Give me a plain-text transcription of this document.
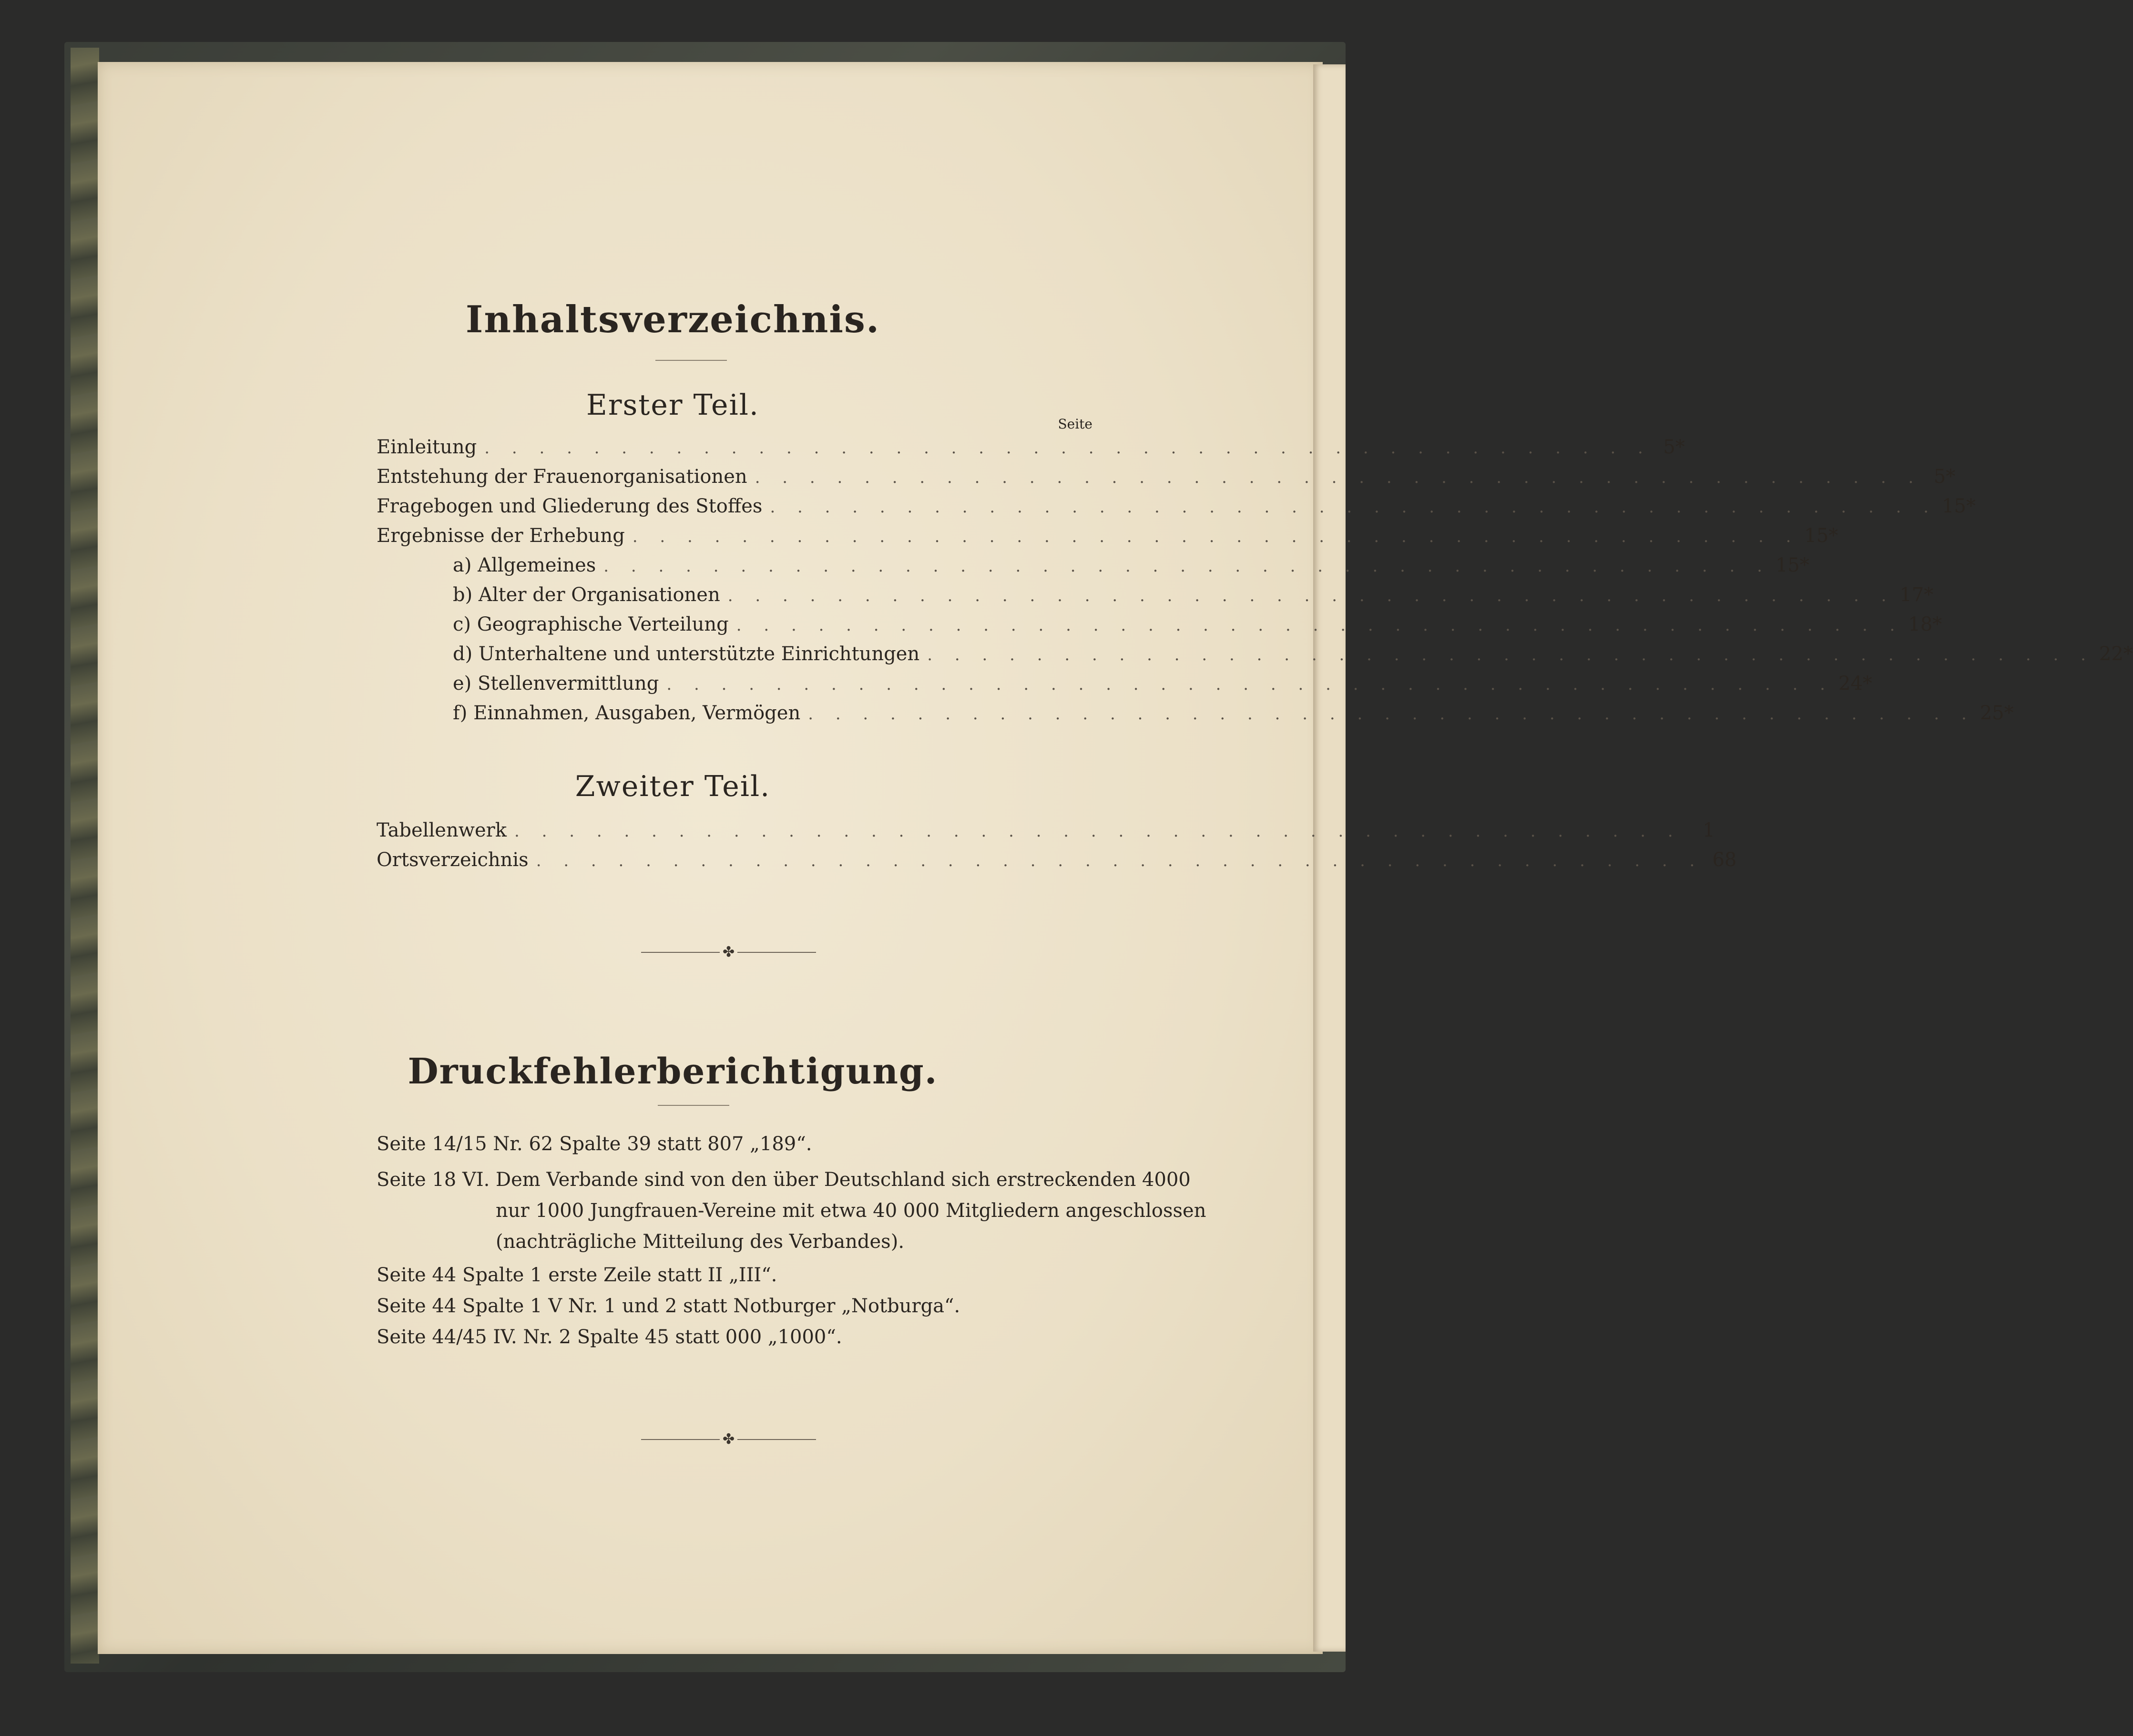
Inhaltsverzeichnis.
Erster Teil.
Seite
Einleitung . . . . . . . . . . . . . . . . . . . . . . . . . . . . . . . . . . . . . . . . . . . 5*
Entstehung der Frauenorganisationen . . . . . . . . . . . . . . . . . . . . . . . . . . . . . . . . . . . . . . . . . . . 5*
Fragebogen und Gliederung des Stoffes . . . . . . . . . . . . . . . . . . . . . . . . . . . . . . . . . . . . . . . . . . . 15*
Ergebnisse der Erhebung . . . . . . . . . . . . . . . . . . . . . . . . . . . . . . . . . . . . . . . . . . . 15*
a) Allgemeines . . . . . . . . . . . . . . . . . . . . . . . . . . . . . . . . . . . . . . . . . . . 15*
b) Alter der Organisationen . . . . . . . . . . . . . . . . . . . . . . . . . . . . . . . . . . . . . . . . . . . 17*
c) Geographische Verteilung . . . . . . . . . . . . . . . . . . . . . . . . . . . . . . . . . . . . . . . . . . . 18*
d) Unterhaltene und unterstützte Einrichtungen . . . . . . . . . . . . . . . . . . . . . . . . . . . . . . . . . . . . . . . . . . . 22*
e) Stellenvermittlung . . . . . . . . . . . . . . . . . . . . . . . . . . . . . . . . . . . . . . . . . . . 24*
f) Einnahmen, Ausgaben, Vermögen . . . . . . . . . . . . . . . . . . . . . . . . . . . . . . . . . . . . . . . . . . . 25*
Zweiter Teil.
Tabellenwerk . . . . . . . . . . . . . . . . . . . . . . . . . . . . . . . . . . . . . . . . . . .	1
Ortsverzeichnis . . . . . . . . . . . . . . . . . . . . . . . . . . . . . . . . . . . . . . . . . . . 68
✤
Druckfehlerberichtigung.
Seite 14/15 Nr. 62 Spalte 39 statt 807 „189“.
Seite 18 VI. Dem Verbande sind von den über Deutschland sich erstreckenden 4000
nur 1000 Jungfrauen-Vereine mit etwa 40 000 Mitgliedern angeschlossen
(nachträgliche Mitteilung des Verbandes).
Seite 44 Spalte 1 erste Zeile statt II „III“.
Seite 44 Spalte 1 V Nr. 1 und 2 statt Notburger „Notburga“.
Seite 44/45 IV. Nr. 2 Spalte 45 statt 000 „1000“.
✤
